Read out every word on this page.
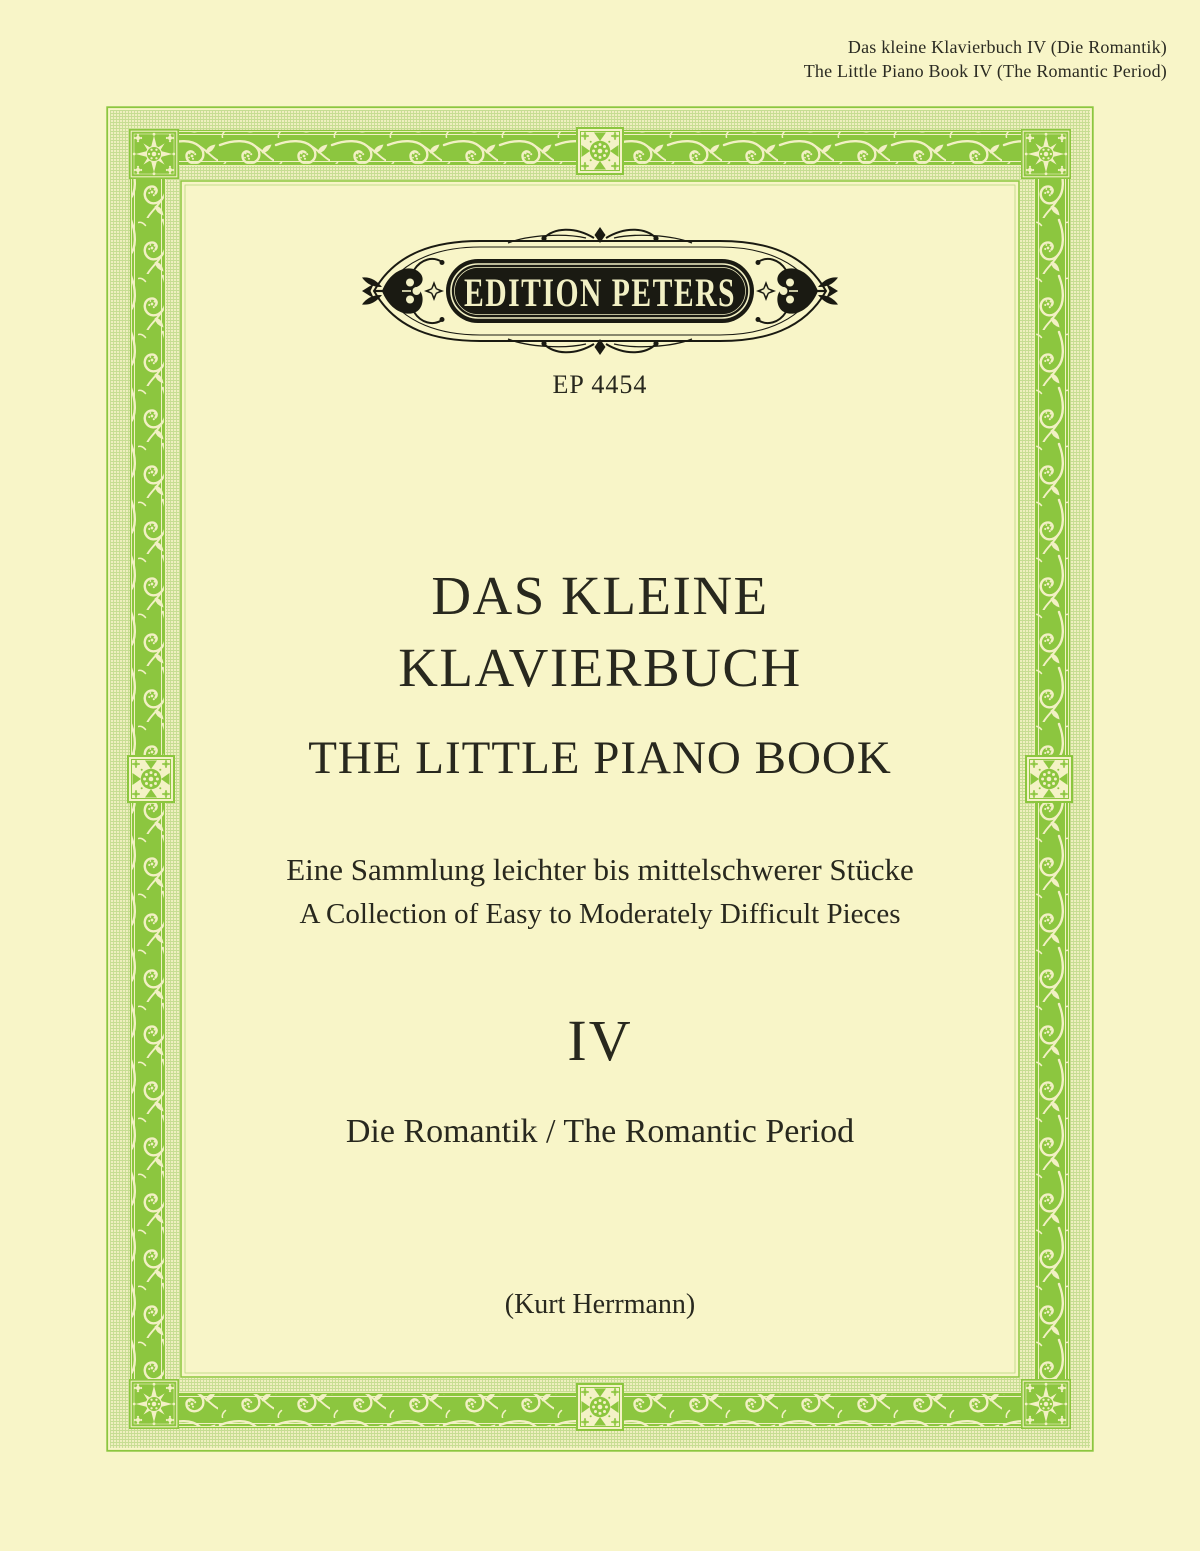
Das kleine Klavierbuch IV (Die Romantik)
The Little Piano Book IV (The Romantic Period)
EDITION PETERS
EP 4454
DAS KLEINE
KLAVIERBUCH
THE LITTLE PIANO BOOK
Eine Sammlung leichter bis mittelschwerer Stücke
A Collection of Easy to Moderately Difficult Pieces
IV
Die Romantik / The Romantic Period
(Kurt Herrmann)
